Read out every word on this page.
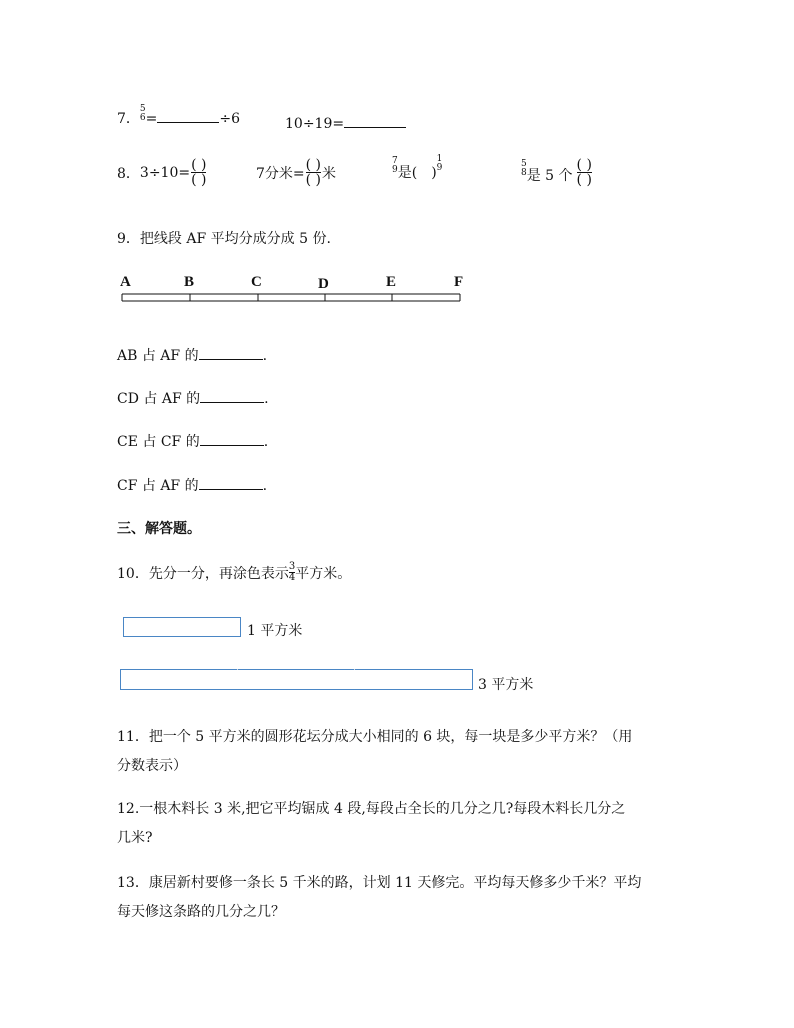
7．
5
6 =	÷6	10÷19=
8． $3\div 10= \frac{( )}{( )}$	7分米= $\frac{( )}{( )}$ 米
7
9 是(　)
1
9	5
8 是 5 个 $\frac{( )}{( )}$
9．把线段 AF 平均分成分成 5 份.
A	B	C	D	E	F
AB 占 AF 的	.
CD 占 AF 的	.
CE 占 CF 的	.
CF 占 AF 的	.
三、解答题。
10．先分一分，再涂色表示 $\frac{3}{4}$ 平方米。
1 平方米
3 平方米
11．把一个 5 平方米的圆形花坛分成大小相同的 6 块，每一块是多少平方米？（用
分数表示）
12.一根木料长 3 米,把它平均锯成 4 段,每段占全长的几分之几?每段木料长几分之
几米?
13．康居新村要修一条长 5 千米的路，计划 11 天修完。平均每天修多少千米？平均
每天修这条路的几分之几？
